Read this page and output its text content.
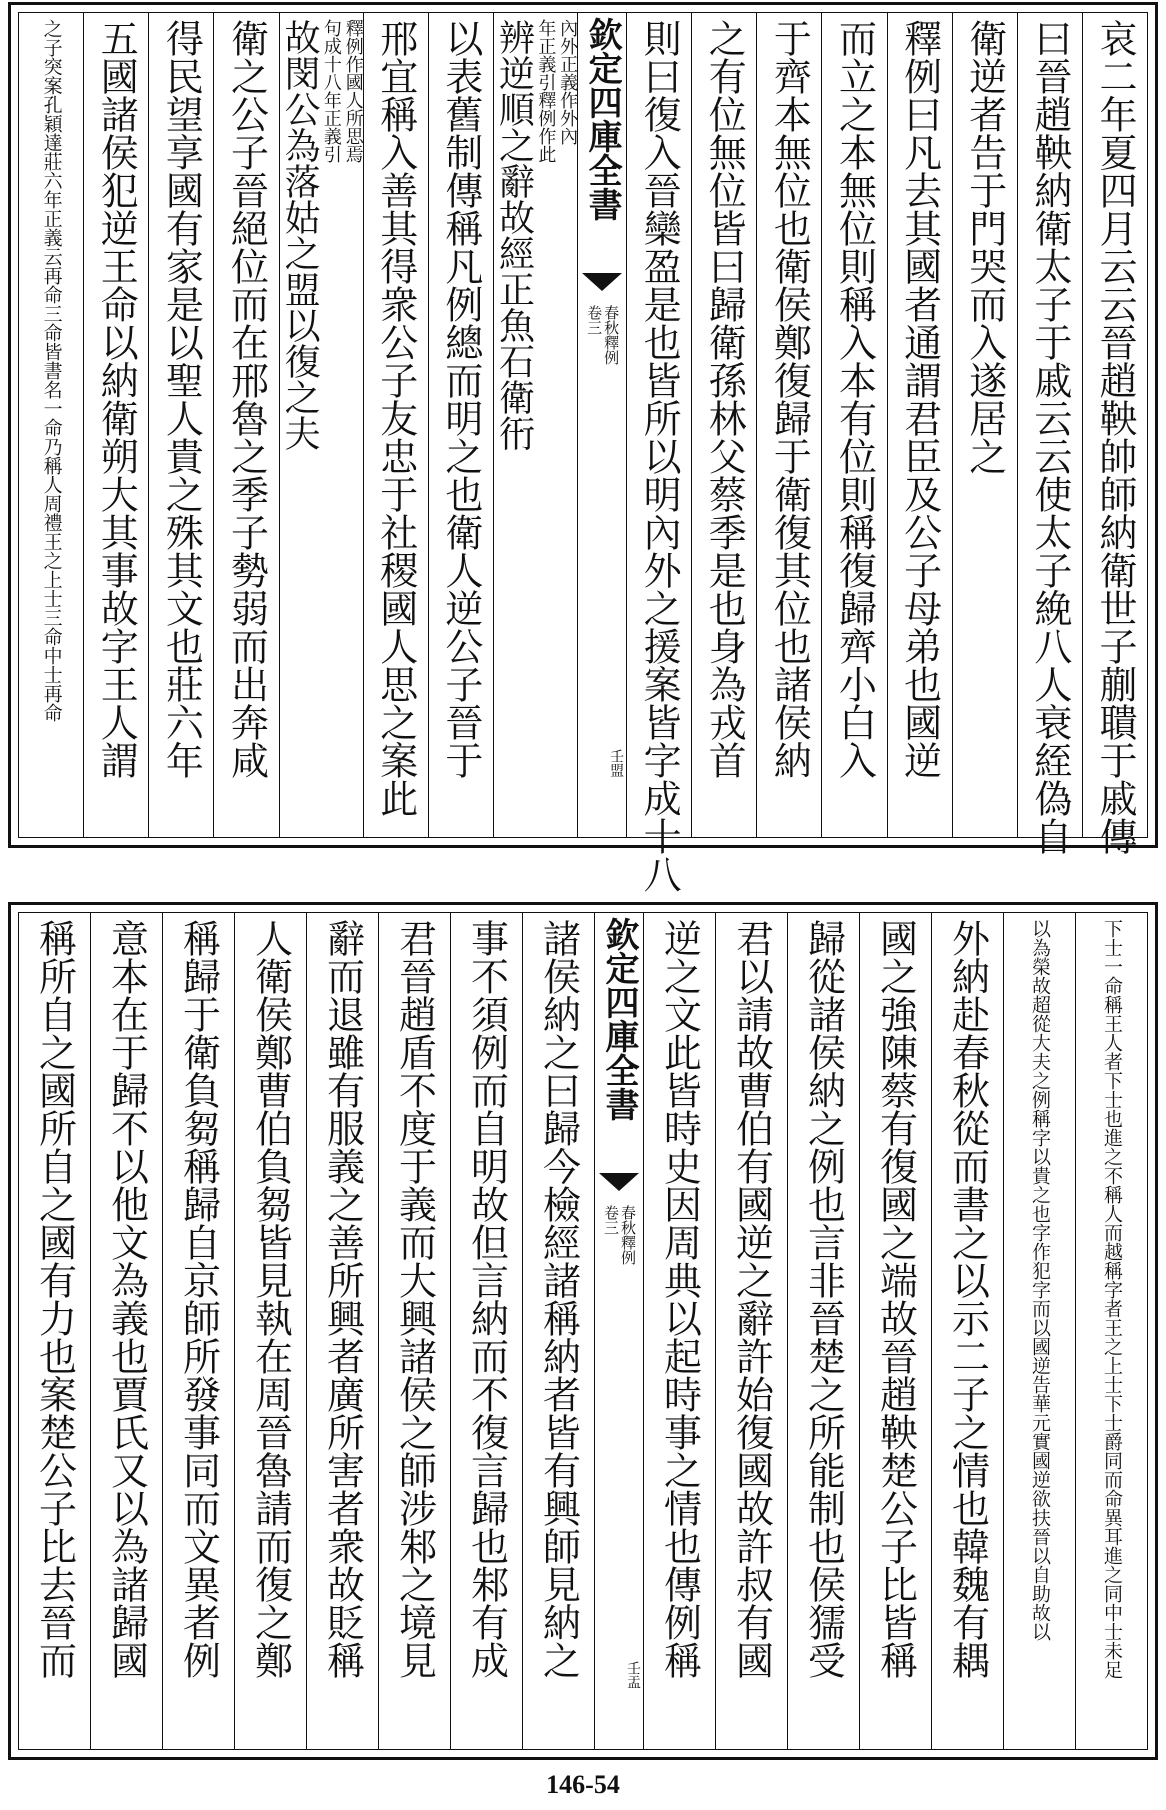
哀二年夏四月云云晉趙鞅帥師納衛世子蒯聵于戚傳
曰晉趙鞅納衛太子于戚云云使太子絻八人衰絰偽自
衛逆者告于門哭而入遂居之
釋例曰凡去其國者通謂君臣及公子母弟也國逆
而立之本無位則稱入本有位則稱復歸齊小白入
于齊本無位也衛侯鄭復歸于衛復其位也諸侯納
之有位無位皆曰歸衛孫林父蔡季是也身為戎首
則曰復入晉欒盈是也皆所以明內外之援案皆字成十八
欽定四庫全書
春秋釋例
卷三
壬盟
辨逆順之辭故經正魚石衛衎 年正義引釋例作此 內外正義作外內
以表舊制傳稱凡例總而明之也衛人逆公子晉于
邢宜稱入善其得衆公子友忠于社稷國人思之案此
故閔公為落姑之盟以復之夫 句成十八年正義引 釋例作國人所思焉
衛之公子晉絕位而在邢魯之季子勢弱而出奔咸
得民望享國有家是以聖人貴之殊其文也莊六年
五國諸侯犯逆王命以納衛朔大其事故字王人謂
之子突案孔穎達莊六年正義云再命三命皆書名一命乃稱人周禮王之上士三命中士再命
下士一命稱王人者下士也進之不稱人而越稱字者王之上士下士爵同而命異耳進之同中士未足
以為榮故超從大夫之例稱字以貴之也字作犯字而以國逆告華元實國逆欲扶晉以自助故以
外納赴春秋從而書之以示二子之情也韓魏有耦
國之強陳蔡有復國之端故晉趙鞅楚公子比皆稱
歸從諸侯納之例也言非晉楚之所能制也侯獳受
君以請故曹伯有國逆之辭許始復國故許叔有國
逆之文此皆時史因周典以起時事之情也傳例稱
欽定四庫全書
春秋釋例
卷三
壬盂
諸侯納之曰歸今檢經諸稱納者皆有興師見納之
事不須例而自明故但言納而不復言歸也邾有成
君晉趙盾不度于義而大興諸侯之師涉邾之境見
辭而退雖有服義之善所興者廣所害者衆故貶稱
人衛侯鄭曹伯負芻皆見執在周晉魯請而復之鄭
稱歸于衛負芻稱歸自京師所發事同而文異者例
意本在于歸不以他文為義也賈氏又以為諸歸國
稱所自之國所自之國有力也案楚公子比去晉而
146-54
